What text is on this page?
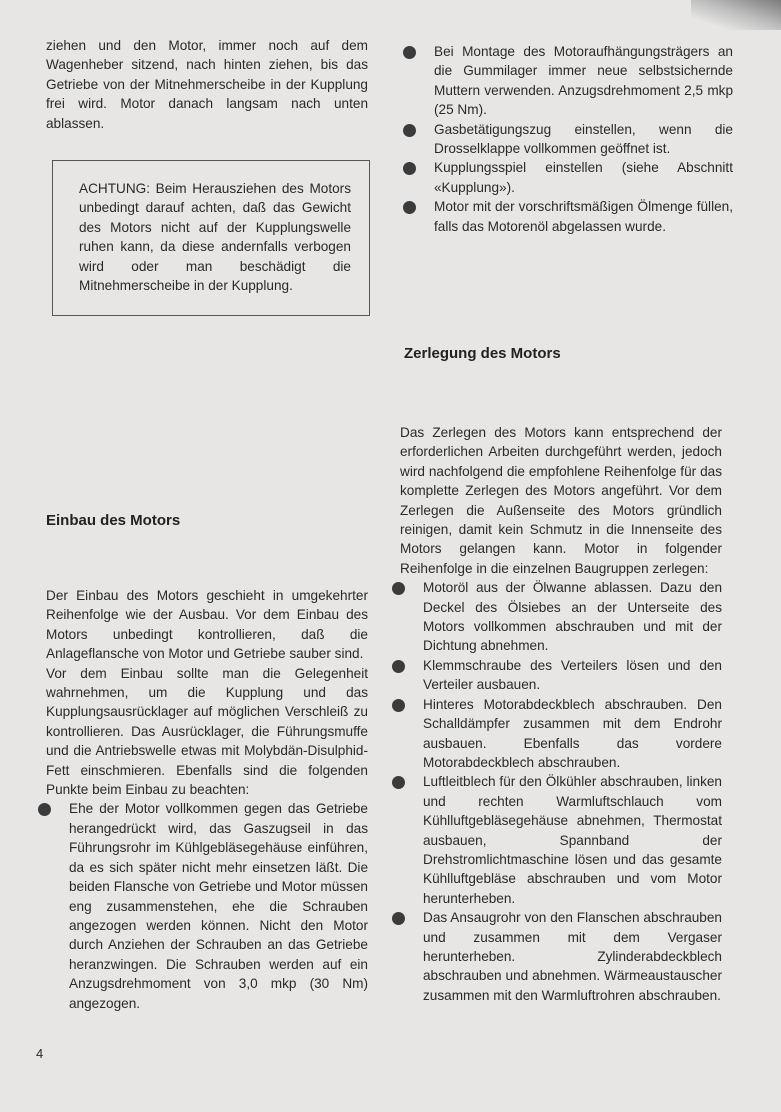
ziehen und den Motor, immer noch auf dem Wagenheber sitzend, nach hinten ziehen, bis das Getriebe von der Mitnehmerscheibe in der Kupplung frei wird. Motor danach langsam nach unten ablassen.

ACHTUNG: Beim Herausziehen des Motors unbedingt darauf achten, daß das Gewicht des Motors nicht auf der Kupplungswelle ruhen kann, da diese andernfalls verbogen wird oder man beschädigt die Mitnehmerscheibe in der Kupplung.

Einbau des Motors

Der Einbau des Motors geschieht in umgekehrter Reihenfolge wie der Ausbau. Vor dem Einbau des Motors unbedingt kontrollieren, daß die Anlageflansche von Motor und Getriebe sauber sind.

Vor dem Einbau sollte man die Gelegenheit wahrnehmen, um die Kupplung und das Kupplungsausrücklager auf möglichen Verschleiß zu kontrollieren. Das Ausrücklager, die Führungsmuffe und die Antriebswelle etwas mit Molybdän-Disulphid-Fett einschmieren. Ebenfalls sind die folgenden Punkte beim Einbau zu beachten:

Ehe der Motor vollkommen gegen das Getriebe herangedrückt wird, das Gaszugseil in das Führungsrohr im Kühlgebläsegehäuse einführen, da es sich später nicht mehr einsetzen läßt. Die beiden Flansche von Getriebe und Motor müssen eng zusammenstehen, ehe die Schrauben angezogen werden können. Nicht den Motor durch Anziehen der Schrauben an das Getriebe heranzwingen. Die Schrauben werden auf ein Anzugsdrehmoment von 3,0 mkp (30 Nm) angezogen.
4
Bei Montage des Motoraufhängungsträgers an die Gummilager immer neue selbstsichernde Muttern verwenden. Anzugsdrehmoment 2,5 mkp (25 Nm).
Gasbetätigungszug einstellen, wenn die Drosselklappe vollkommen geöffnet ist.
Kupplungsspiel einstellen (siehe Abschnitt «Kupplung»).
Motor mit der vorschriftsmäßigen Ölmenge füllen, falls das Motorenöl abgelassen wurde.
Zerlegung des Motors

Das Zerlegen des Motors kann entsprechend der erforderlichen Arbeiten durchgeführt werden, jedoch wird nachfolgend die empfohlene Reihenfolge für das komplette Zerlegen des Motors angeführt. Vor dem Zerlegen die Außenseite des Motors gründlich reinigen, damit kein Schmutz in die Innenseite des Motors gelangen kann. Motor in folgender Reihenfolge in die einzelnen Baugruppen zerlegen:

Motoröl aus der Ölwanne ablassen. Dazu den Deckel des Ölsiebes an der Unterseite des Motors vollkommen abschrauben und mit der Dichtung abnehmen.
Klemmschraube des Verteilers lösen und den Verteiler ausbauen.
Hinteres Motorabdeckblech abschrauben. Den Schalldämpfer zusammen mit dem Endrohr ausbauen. Ebenfalls das vordere Motorabdeckblech abschrauben.
Luftleitblech für den Ölkühler abschrauben, linken und rechten Warmluftschlauch vom Kühlluftgebläsegehäuse abnehmen, Thermostat ausbauen, Spannband der Drehstromlichtmaschine lösen und das gesamte Kühlluftgebläse abschrauben und vom Motor herunterheben.
Das Ansaugrohr von den Flanschen abschrauben und zusammen mit dem Vergaser herunterheben. Zylinderabdeckblech abschrauben und abnehmen. Wärmeaustauscher zusammen mit den Warmluftrohren abschrauben.
